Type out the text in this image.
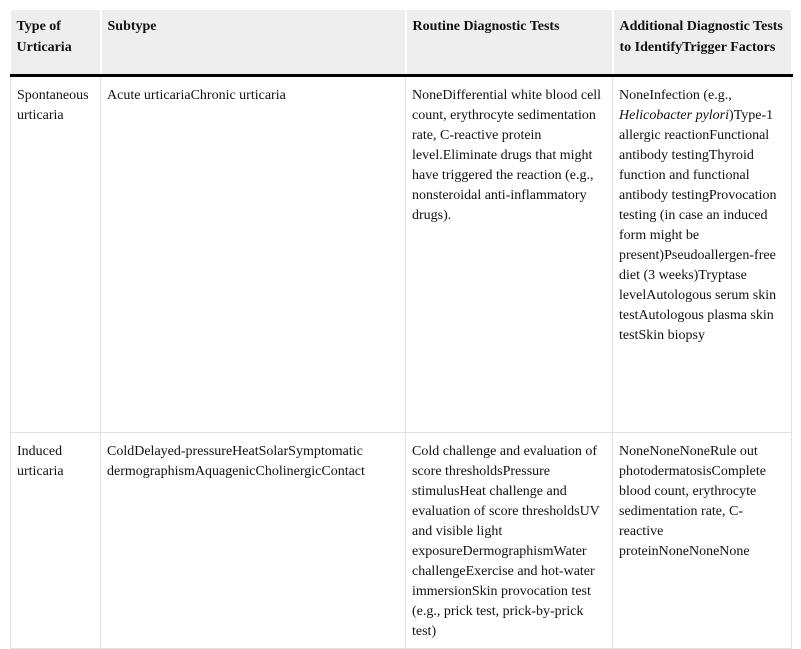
Type of Urticaria	Subtype	Routine Diagnostic Tests	Additional Diagnostic Tests to IdentifyTrigger Factors
Spontaneous urticaria	Acute urticariaChronic urticaria	NoneDifferential white blood cell count, erythrocyte sedimentation rate, C-reactive protein level.Eliminate drugs that might have triggered the reaction (e.g., nonsteroidal anti-inflammatory drugs).	NoneInfection (e.g., Helicobacter pylori)Type-1 allergic reactionFunctional antibody testingThyroid function and functional antibody testingProvocation testing (in case an induced form might be present)Pseudoallergen-free diet (3 weeks)Tryptase levelAutologous serum skin testAutologous plasma skin testSkin biopsy
Induced urticaria	ColdDelayed-pressureHeatSolarSymptomatic dermographismAquagenicCholinergicContact	Cold challenge and evaluation of score thresholdsPressure stimulusHeat challenge and evaluation of score thresholdsUV and visible light exposureDermographismWater challengeExercise and hot-water immersionSkin provocation test (e.g., prick test, prick-by-prick test)	NoneNoneNoneRule out photodermatosisComplete blood count, erythrocyte sedimentation rate, C-reactive proteinNoneNoneNone
